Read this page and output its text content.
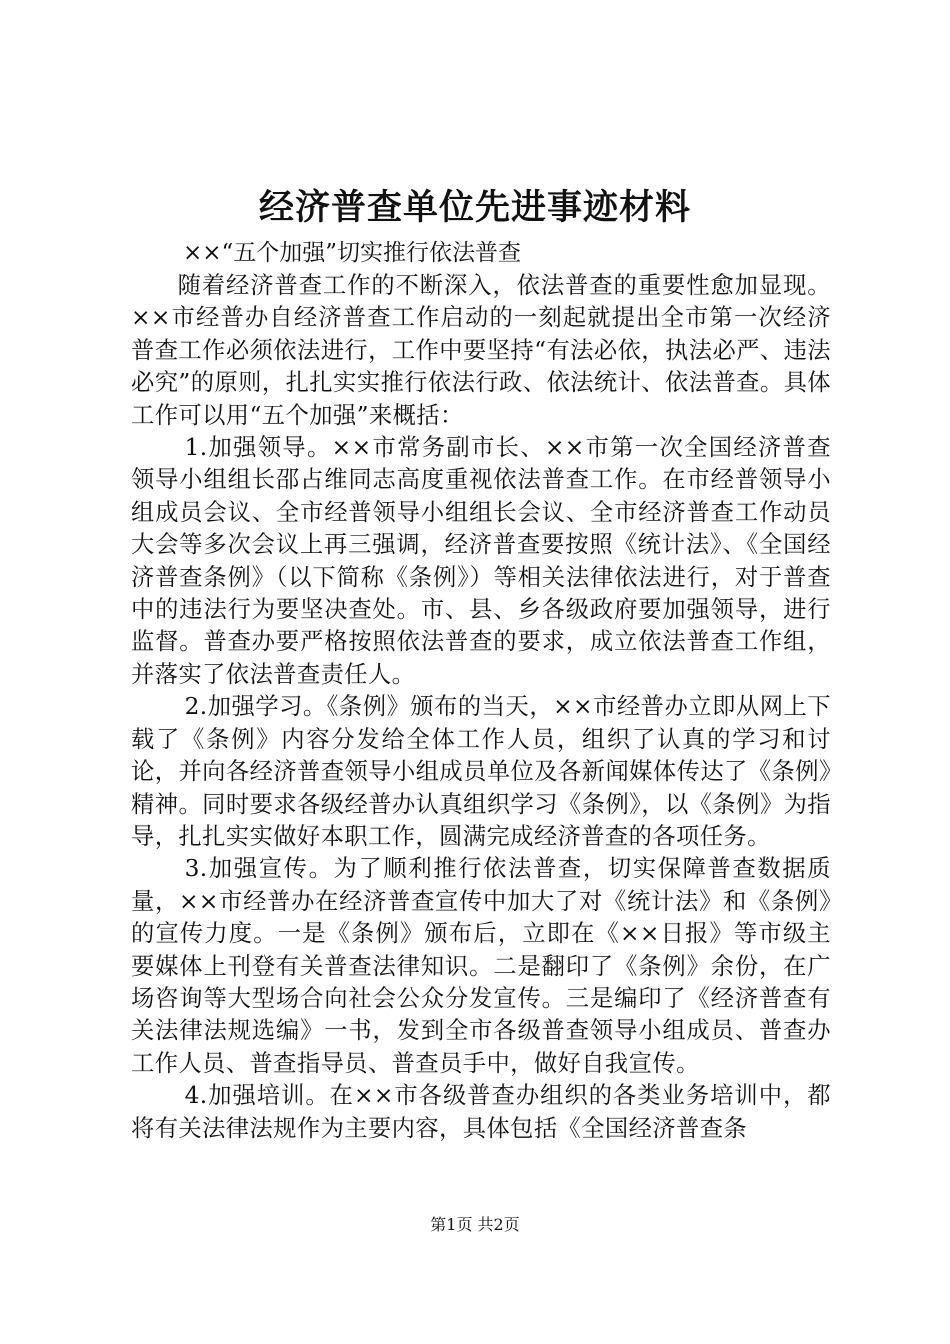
经济普查单位先进事迹材料
××“五个加强”切实推行依法普查

随着经济普查工作的不断深入，依法普查的重要性愈加显现。××市经普办自经济普查工作启动的一刻起就提出全市第一次经济普查工作必须依法进行，工作中要坚持“有法必依，执法必严、违法必究”的原则，扎扎实实推行依法行政、依法统计、依法普查。具体工作可以用“五个加强”来概括：

1.加强领导。××市常务副市长、××市第一次全国经济普查领导小组组长邵占维同志高度重视依法普查工作。在市经普领导小组成员会议、全市经普领导小组组长会议、全市经济普查工作动员大会等多次会议上再三强调，经济普查要按照《统计法》、《全国经济普查条例》（以下简称《条例》）等相关法律依法进行，对于普查中的违法行为要坚决查处。市、县、乡各级政府要加强领导，进行监督。普查办要严格按照依法普查的要求，成立依法普查工作组，并落实了依法普查责任人。

2.加强学习。《条例》颁布的当天，××市经普办立即从网上下载了《条例》内容分发给全体工作人员，组织了认真的学习和讨论，并向各经济普查领导小组成员单位及各新闻媒体传达了《条例》精神。同时要求各级经普办认真组织学习《条例》，以《条例》为指导，扎扎实实做好本职工作，圆满完成经济普查的各项任务。

3.加强宣传。为了顺利推行依法普查，切实保障普查数据质量，××市经普办在经济普查宣传中加大了对《统计法》和《条例》的宣传力度。一是《条例》颁布后，立即在《××日报》等市级主要媒体上刊登有关普查法律知识。二是翻印了《条例》余份，在广场咨询等大型场合向社会公众分发宣传。三是编印了《经济普查有关法律法规选编》一书，发到全市各级普查领导小组成员、普查办工作人员、普查指导员、普查员手中，做好自我宣传。

4.加强培训。在××市各级普查办组织的各类业务培训中，都将有关法律法规作为主要内容，具体包括《全国经济普查条

第1页 共2页
